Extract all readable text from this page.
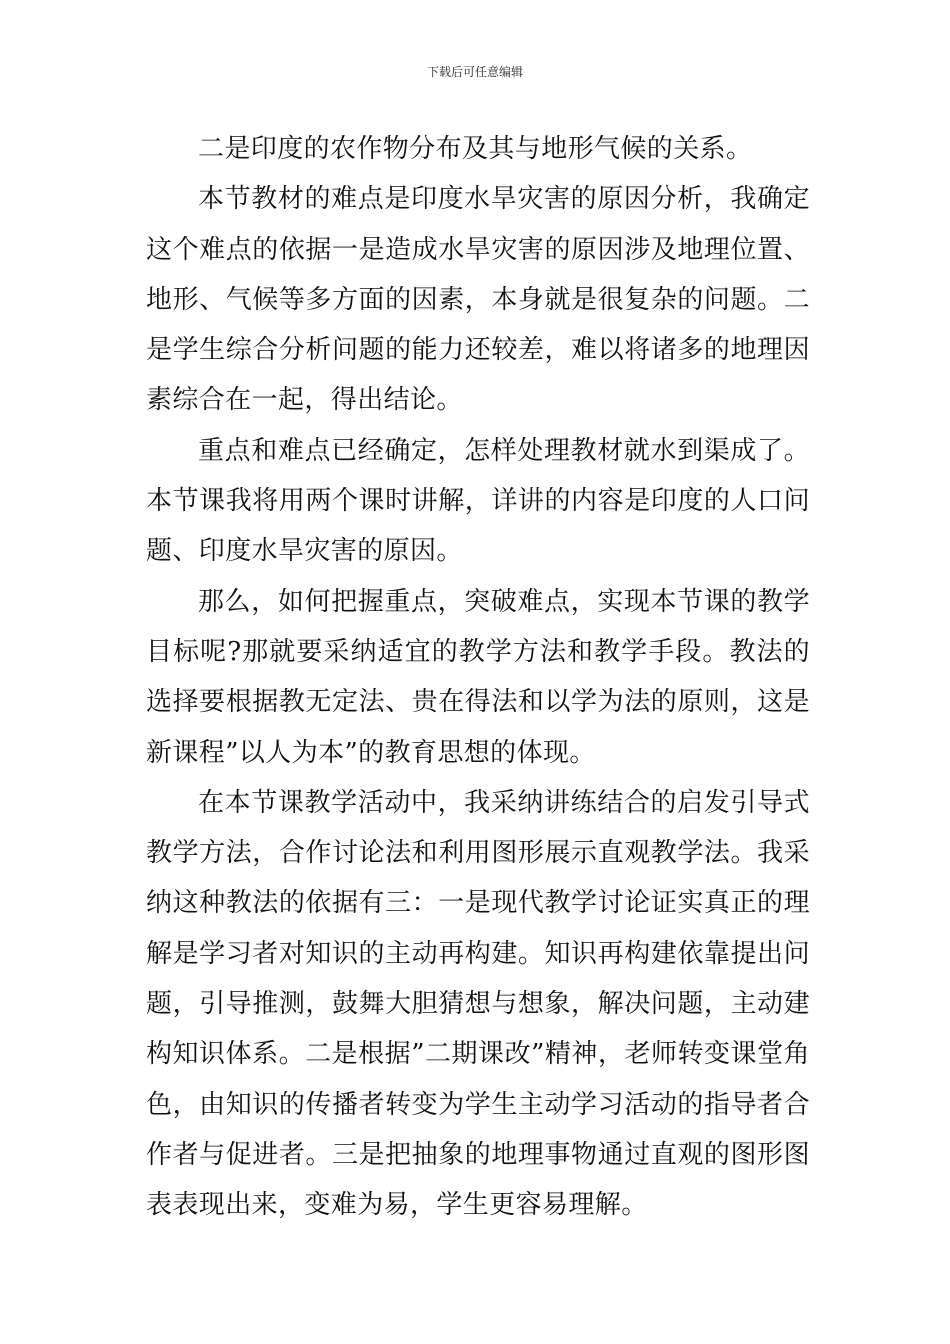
下载后可任意编辑

二是印度的农作物分布及其与地形气候的关系。

本节教材的难点是印度水旱灾害的原因分析，我确定这个难点的依据一是造成水旱灾害的原因涉及地理位置、地形、气候等多方面的因素，本身就是很复杂的问题。二是学生综合分析问题的能力还较差，难以将诸多的地理因素综合在一起，得出结论。

重点和难点已经确定，怎样处理教材就水到渠成了。本节课我将用两个课时讲解，详讲的内容是印度的人口问题、印度水旱灾害的原因。

那么，如何把握重点，突破难点，实现本节课的教学目标呢?那就要采纳适宜的教学方法和教学手段。教法的选择要根据教无定法、贵在得法和以学为法的原则，这是新课程”以人为本”的教育思想的体现。

在本节课教学活动中，我采纳讲练结合的启发引导式教学方法，合作讨论法和利用图形展示直观教学法。我采纳这种教法的依据有三：一是现代教学讨论证实真正的理解是学习者对知识的主动再构建。知识再构建依靠提出问题，引导推测，鼓舞大胆猜想与想象，解决问题，主动建构知识体系。二是根据”二期课改”精神，老师转变课堂角色，由知识的传播者转变为学生主动学习活动的指导者合作者与促进者。三是把抽象的地理事物通过直观的图形图表表现出来，变难为易，学生更容易理解。
